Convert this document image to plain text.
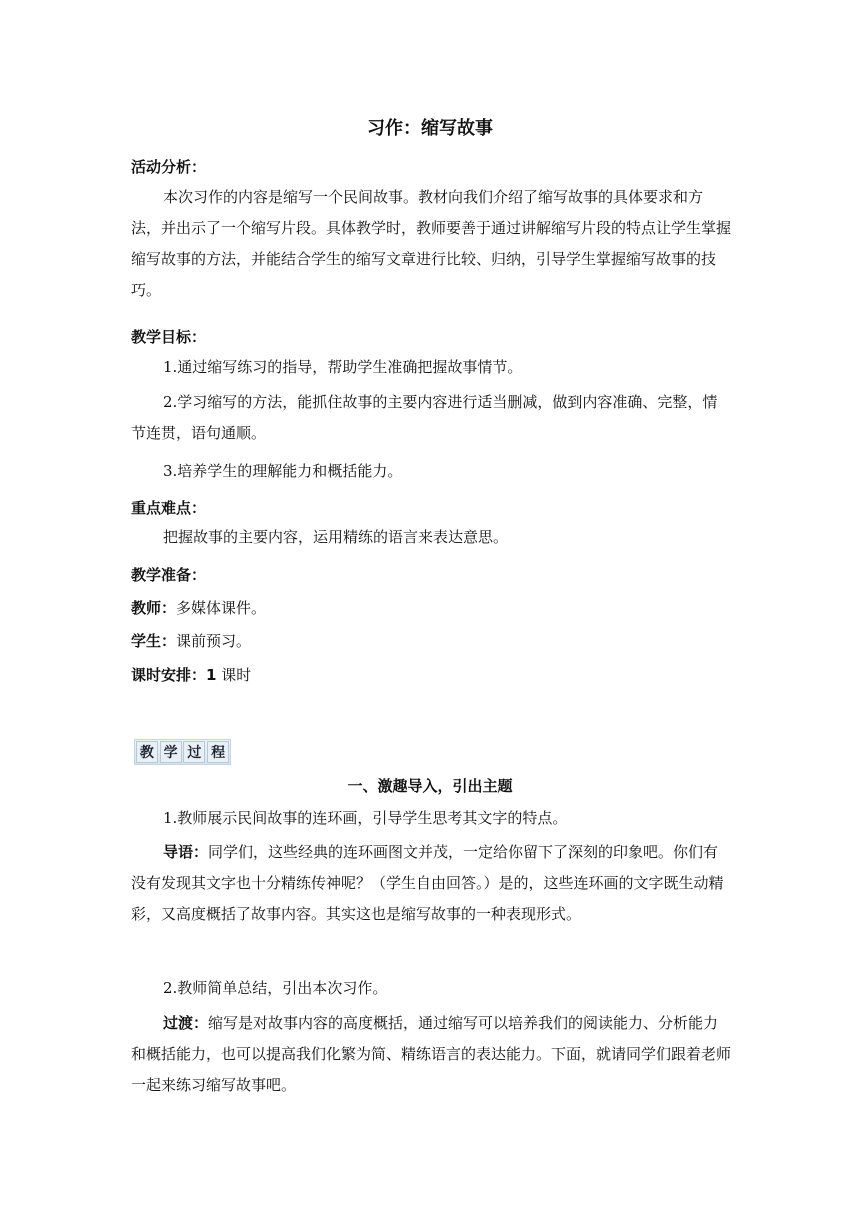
习作：缩写故事
活动分析：
本次习作的内容是缩写一个民间故事。教材向我们介绍了缩写故事的具体要求和方法，并出示了一个缩写片段。具体教学时，教师要善于通过讲解缩写片段的特点让学生掌握缩写故事的方法，并能结合学生的缩写文章进行比较、归纳，引导学生掌握缩写故事的技巧。
教学目标：
1.通过缩写练习的指导，帮助学生准确把握故事情节。
2.学习缩写的方法，能抓住故事的主要内容进行适当删减，做到内容准确、完整，情节连贯，语句通顺。
3.培养学生的理解能力和概括能力。
重点难点：
把握故事的主要内容，运用精练的语言来表达意思。
教学准备：
教师：多媒体课件。
学生：课前预习。
课时安排：1 课时
教 学 过 程
一、激趣导入，引出主题
1.教师展示民间故事的连环画，引导学生思考其文字的特点。
导语：同学们，这些经典的连环画图文并茂，一定给你留下了深刻的印象吧。你们有没有发现其文字也十分精练传神呢？（学生自由回答。）是的，这些连环画的文字既生动精彩，又高度概括了故事内容。其实这也是缩写故事的一种表现形式。
2.教师简单总结，引出本次习作。
过渡：缩写是对故事内容的高度概括，通过缩写可以培养我们的阅读能力、分析能力和概括能力，也可以提高我们化繁为简、精练语言的表达能力。下面，就请同学们跟着老师一起来练习缩写故事吧。
